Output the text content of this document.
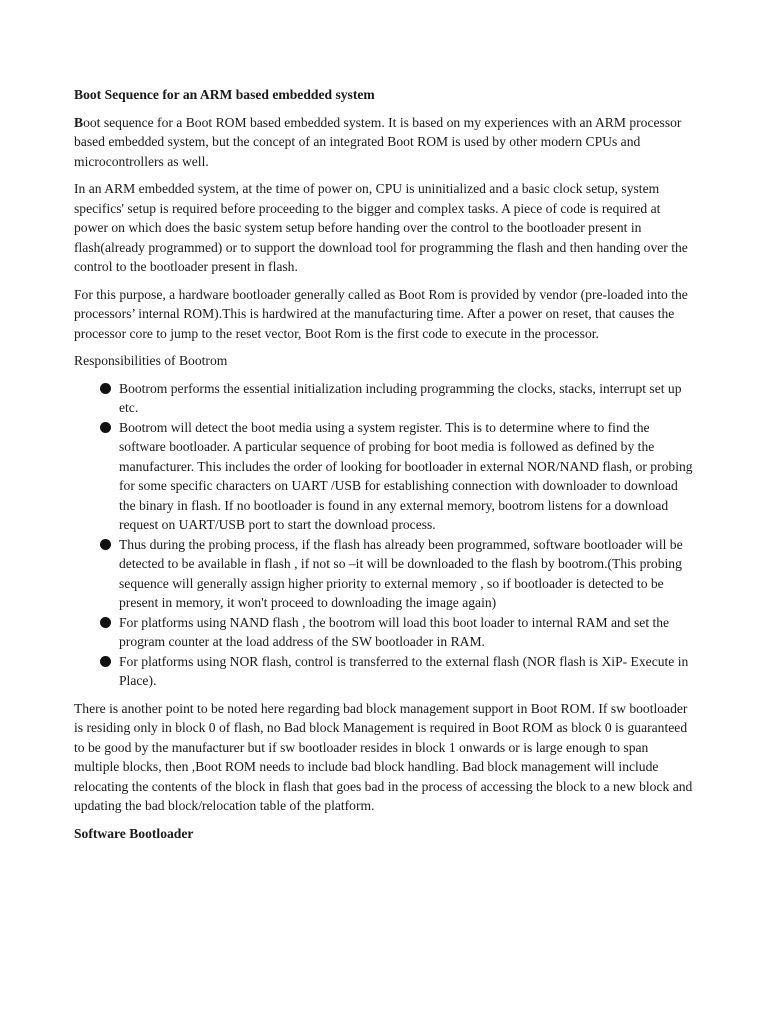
Boot Sequence for an ARM based embedded system

Boot sequence for a Boot ROM based embedded system. It is based on my experiences with an ARM processor based embedded system, but the concept of an integrated Boot ROM is used by other modern CPUs and microcontrollers as well.

In an ARM embedded system, at the time of power on, CPU is uninitialized and a basic clock setup, system specifics' setup is required before proceeding to the bigger and complex tasks. A piece of code is required at power on which does the basic system setup before handing over the control to the bootloader present in flash(already programmed) or to support the download tool for programming the flash and then handing over the control to the bootloader present in flash.

For this purpose, a hardware bootloader generally called as Boot Rom is provided by vendor (pre-loaded into the processors’ internal ROM).This is hardwired at the manufacturing time. After a power on reset, that causes the processor core to jump to the reset vector, Boot Rom is the first code to execute in the processor.

Responsibilities of Bootrom

Bootrom performs the essential initialization including programming the clocks, stacks, interrupt set up etc.
Bootrom will detect the boot media using a system register. This is to determine where to find the software bootloader. A particular sequence of probing for boot media is followed as defined by the manufacturer. This includes the order of looking for bootloader in external NOR/NAND flash, or probing for some specific characters on UART /USB for establishing connection with downloader to download the binary in flash. If no bootloader is found in any external memory, bootrom listens for a download request on UART/USB port to start the download process.
Thus during the probing process, if the flash has already been programmed, software bootloader will be detected to be available in flash , if not so –it will be downloaded to the flash by bootrom.(This probing sequence will generally assign higher priority to external memory , so if bootloader is detected to be present in memory, it won't proceed to downloading the image again)
For platforms using NAND flash , the bootrom will load this boot loader to internal RAM and set the program counter at the load address of the SW bootloader in RAM.
For platforms using NOR flash, control is transferred to the external flash (NOR flash is XiP- Execute in Place).

There is another point to be noted here regarding bad block management support in Boot ROM. If sw bootloader is residing only in block 0 of flash, no Bad block Management is required in Boot ROM as block 0 is guaranteed to be good by the manufacturer but if sw bootloader resides in block 1 onwards or is large enough to span multiple blocks, then ,Boot ROM needs to include bad block handling. Bad block management will include relocating the contents of the block in flash that goes bad in the process of accessing the block to a new block and updating the bad block/relocation table of the platform.

Software Bootloader
